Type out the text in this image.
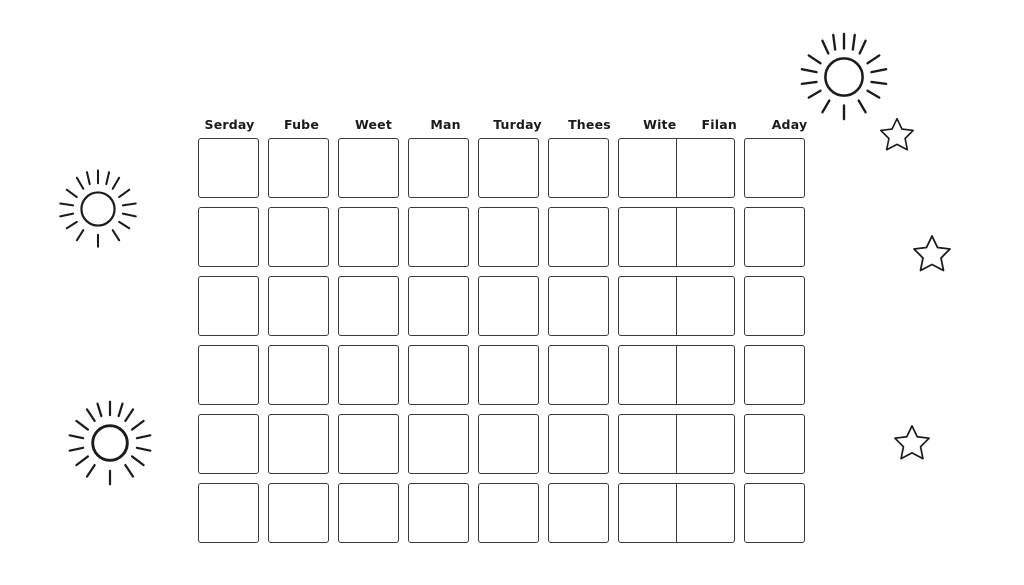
Serday	Fube	Weet	Man	Turday	Thees	Wite	Filan	Aday
